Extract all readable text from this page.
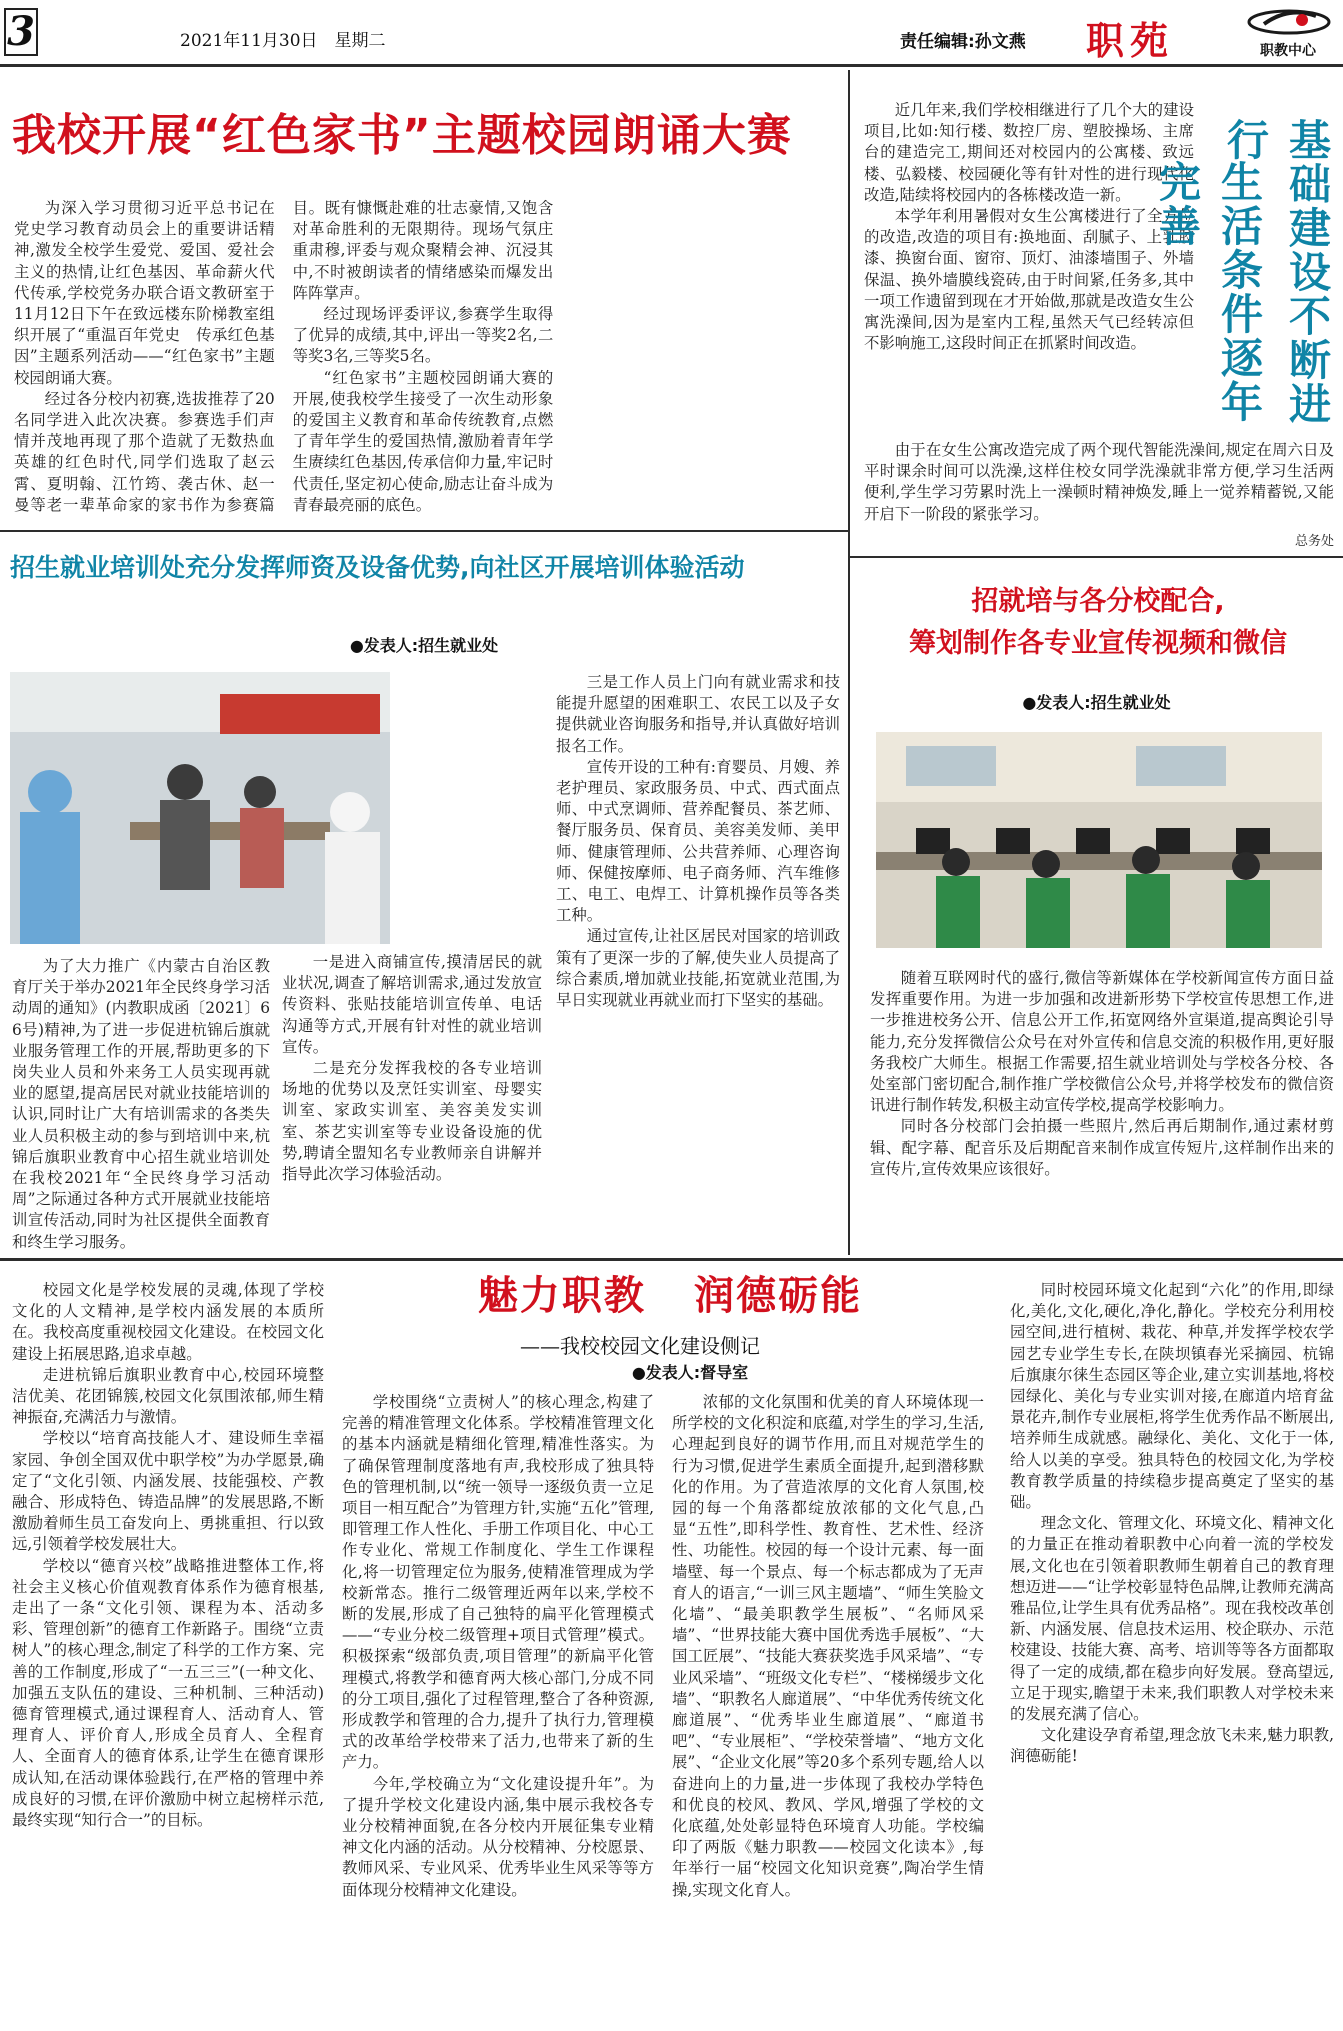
3	2021年11月30日　星期二	责任编辑:孙文燕 职苑	职教中心
我校开展“红色家书”主题校园朗诵大赛

为深入学习贯彻习近平总书记在党史学习教育动员会上的重要讲话精神,激发全校学生爱党、爱国、爱社会主义的热情,让红色基因、革命薪火代代传承,学校党务办联合语文教研室于11月12日下午在致远楼东阶梯教室组织开展了“重温百年党史　传承红色基因”主题系列活动——“红色家书”主题校园朗诵大赛。

经过各分校内初赛,选拔推荐了20名同学进入此次决赛。参赛选手们声情并茂地再现了那个造就了无数热血英雄的红色时代,同学们选取了赵云霄、夏明翰、江竹筠、袭古休、赵一曼等老一辈革命家的家书作为参赛篇目。既有慷慨赴难的壮志豪情,又饱含对革命胜利的无限期待。现场气氛庄重肃穆,评委与观众聚精会神、沉浸其中,不时被朗读者的情绪感染而爆发出阵阵掌声。

经过现场评委评议,参赛学生取得了优异的成绩,其中,评出一等奖2名,二等奖3名,三等奖5名。

“红色家书”主题校园朗诵大赛的开展,使我校学生接受了一次生动形象的爱国主义教育和革命传统教育,点燃了青年学生的爱国热情,激励着青年学生赓续红色基因,传承信仰力量,牢记时代责任,坚定初心使命,励志让奋斗成为青春最亮丽的底色。

近几年来,我们学校相继进行了几个大的建设项目,比如:知行楼、数控厂房、塑胶操场、主席台的建造完工,期间还对校园内的公寓楼、致远楼、弘毅楼、校园硬化等有针对性的进行现代化改造,陆续将校园内的各栋楼改造一新。

本学年利用暑假对女生公寓楼进行了全方位的改造,改造的项目有:换地面、刮腻子、上乳胶漆、换窗台面、窗帘、顶灯、油漆墙围子、外墙保温、换外墙膜线瓷砖,由于时间紧,任务多,其中一项工作遗留到现在才开始做,那就是改造女生公寓洗澡间,因为是室内工程,虽然天气已经转凉但不影响施工,这段时间正在抓紧时间改造。	基础建设不断进行
生活条件逐年完善

由于在女生公寓改造完成了两个现代智能洗澡间,规定在周六日及平时课余时间可以洗澡,这样住校女同学洗澡就非常方便,学习生活两便利,学生学习劳累时洗上一澡顿时精神焕发,睡上一觉养精蓄锐,又能开启下一阶段的紧张学习。

总务处
招生就业培训处充分发挥师资及设备优势,向社区开展培训体验活动
●发表人:招生就业处

为了大力推广《内蒙古自治区教育厅关于举办2021年全民终身学习活动周的通知》(内教职成函〔2021〕66号)精神,为了进一步促进杭锦后旗就业服务管理工作的开展,帮助更多的下岗失业人员和外来务工人员实现再就业的愿望,提高居民对就业技能培训的认识,同时让广大有培训需求的各类失业人员积极主动的参与到培训中来,杭锦后旗职业教育中心招生就业培训处在我校2021年“全民终身学习活动周”之际通过各种方式开展就业技能培训宣传活动,同时为社区提供全面教育和终生学习服务。

一是进入商铺宣传,摸清居民的就业状况,调查了解培训需求,通过发放宣传资料、张贴技能培训宣传单、电话沟通等方式,开展有针对性的就业培训宣传。

二是充分发挥我校的各专业培训场地的优势以及烹饪实训室、母婴实训室、家政实训室、美容美发实训室、茶艺实训室等专业设备设施的优势,聘请全盟知名专业教师亲自讲解并指导此次学习体验活动。

三是工作人员上门向有就业需求和技能提升愿望的困难职工、农民工以及子女提供就业咨询服务和指导,并认真做好培训报名工作。

宣传开设的工种有:育婴员、月嫂、养老护理员、家政服务员、中式、西式面点师、中式烹调师、营养配餐员、茶艺师、餐厅服务员、保育员、美容美发师、美甲师、健康管理师、公共营养师、心理咨询师、保健按摩师、电子商务师、汽车维修工、电工、电焊工、计算机操作员等各类工种。

通过宣传,让社区居民对国家的培训政策有了更深一步的了解,使失业人员提高了综合素质,增加就业技能,拓宽就业范围,为早日实现就业再就业而打下坚实的基础。

招就培与各分校配合,
筹划制作各专业宣传视频和微信
●发表人:招生就业处

随着互联网时代的盛行,微信等新媒体在学校新闻宣传方面日益发挥重要作用。为进一步加强和改进新形势下学校宣传思想工作,进一步推进校务公开、信息公开工作,拓宽网络外宣渠道,提高舆论引导能力,充分发挥微信公众号在对外宣传和信息交流的积极作用,更好服务我校广大师生。根据工作需要,招生就业培训处与学校各分校、各处室部门密切配合,制作推广学校微信公众号,并将学校发布的微信资讯进行制作转发,积极主动宣传学校,提高学校影响力。

同时各分校部门会拍摄一些照片,然后再后期制作,通过素材剪辑、配字幕、配音乐及后期配音来制作成宣传短片,这样制作出来的宣传片,宣传效果应该很好。

魅力职教 润德砺能
——我校校园文化建设侧记
●发表人:督导室

校园文化是学校发展的灵魂,体现了学校文化的人文精神,是学校内涵发展的本质所在。我校高度重视校园文化建设。在校园文化建设上拓展思路,追求卓越。

走进杭锦后旗职业教育中心,校园环境整洁优美、花团锦簇,校园文化氛围浓郁,师生精神振奋,充满活力与激情。

学校以“培育高技能人才、建设师生幸福家园、争创全国双优中职学校”为办学愿景,确定了“文化引领、内涵发展、技能强校、产教融合、形成特色、铸造品牌”的发展思路,不断激励着师生员工奋发向上、勇挑重担、行以致远,引领着学校发展壮大。

学校以“德育兴校”战略推进整体工作,将社会主义核心价值观教育体系作为德育根基,走出了一条“文化引领、课程为本、活动多彩、管理创新”的德育工作新路子。围绕“立责树人”的核心理念,制定了科学的工作方案、完善的工作制度,形成了“一五三三”(一种文化、加强五支队伍的建设、三种机制、三种活动)德育管理模式,通过课程育人、活动育人、管理育人、评价育人,形成全员育人、全程育人、全面育人的德育体系,让学生在德育课形成认知,在活动课体验践行,在严格的管理中养成良好的习惯,在评价激励中树立起榜样示范,最终实现“知行合一”的目标。

学校围绕“立责树人”的核心理念,构建了完善的精准管理文化体系。学校精准管理文化的基本内涵就是精细化管理,精准性落实。为了确保管理制度落地有声,我校形成了独具特色的管理机制,以“统一领导一逐级负责一立足项目一相互配合”为管理方针,实施“五化”管理,即管理工作人性化、手册工作项目化、中心工作专业化、常规工作制度化、学生工作课程化,将一切管理定位为服务,使精准管理成为学校新常态。推行二级管理近两年以来,学校不断的发展,形成了自己独特的扁平化管理模式——“专业分校二级管理+项目式管理”模式。积极探索“级部负责,项目管理”的新扁平化管理模式,将教学和德育两大核心部门,分成不同的分工项目,强化了过程管理,整合了各种资源,形成教学和管理的合力,提升了执行力,管理模式的改革给学校带来了活力,也带来了新的生产力。

今年,学校确立为“文化建设提升年”。为了提升学校文化建设内涵,集中展示我校各专业分校精神面貌,在各分校内开展征集专业精神文化内涵的活动。从分校精神、分校愿景、教师风采、专业风采、优秀毕业生风采等等方面体现分校精神文化建设。

浓郁的文化氛围和优美的育人环境体现一所学校的文化积淀和底蕴,对学生的学习,生活,心理起到良好的调节作用,而且对规范学生的行为习惯,促进学生素质全面提升,起到潜移默化的作用。为了营造浓厚的文化育人氛围,校园的每一个角落都绽放浓郁的文化气息,凸显“五性”,即科学性、教育性、艺术性、经济性、功能性。校园的每一个设计元素、每一面墙壁、每一个景点、每一个标志都成为了无声育人的语言,“一训三风主题墙”、“师生笑脸文化墙”、“最美职教学生展板”、“名师风采墙”、“世界技能大赛中国优秀选手展板”、“大国工匠展”、“技能大赛获奖选手风采墙”、“专业风采墙”、“班级文化专栏”、“楼梯缓步文化墙”、“职教名人廊道展”、“中华优秀传统文化廊道展”、“优秀毕业生廊道展”、“廊道书吧”、“专业展柜”、“学校荣誉墙”、“地方文化展”、“企业文化展”等20多个系列专题,给人以奋进向上的力量,进一步体现了我校办学特色和优良的校风、教风、学风,增强了学校的文化底蕴,处处彰显特色环境育人功能。学校编印了两版《魅力职教——校园文化读本》,每年举行一届“校园文化知识竞赛”,陶冶学生情操,实现文化育人。

同时校园环境文化起到“六化”的作用,即绿化,美化,文化,硬化,净化,静化。学校充分利用校园空间,进行植树、栽花、种草,并发挥学校农学园艺专业学生专长,在陕坝镇春光采摘园、杭锦后旗康尔徕生态园区等企业,建立实训基地,将校园绿化、美化与专业实训对接,在廊道内培育盆景花卉,制作专业展柜,将学生优秀作品不断展出,培养师生成就感。融绿化、美化、文化于一体,给人以美的享受。独具特色的校园文化,为学校教育教学质量的持续稳步提高奠定了坚实的基础。

理念文化、管理文化、环境文化、精神文化的力量正在推动着职教中心向着一流的学校发展,文化也在引领着职教师生朝着自己的教育理想迈进——“让学校彰显特色品牌,让教师充满高雅品位,让学生具有优秀品格”。现在我校改革创新、内涵发展、信息技术运用、校企联办、示范校建设、技能大赛、高考、培训等等各方面都取得了一定的成绩,都在稳步向好发展。登高望远,立足于现实,瞻望于未来,我们职教人对学校未来的发展充满了信心。

文化建设孕育希望,理念放飞未来,魅力职教,润德砺能!
